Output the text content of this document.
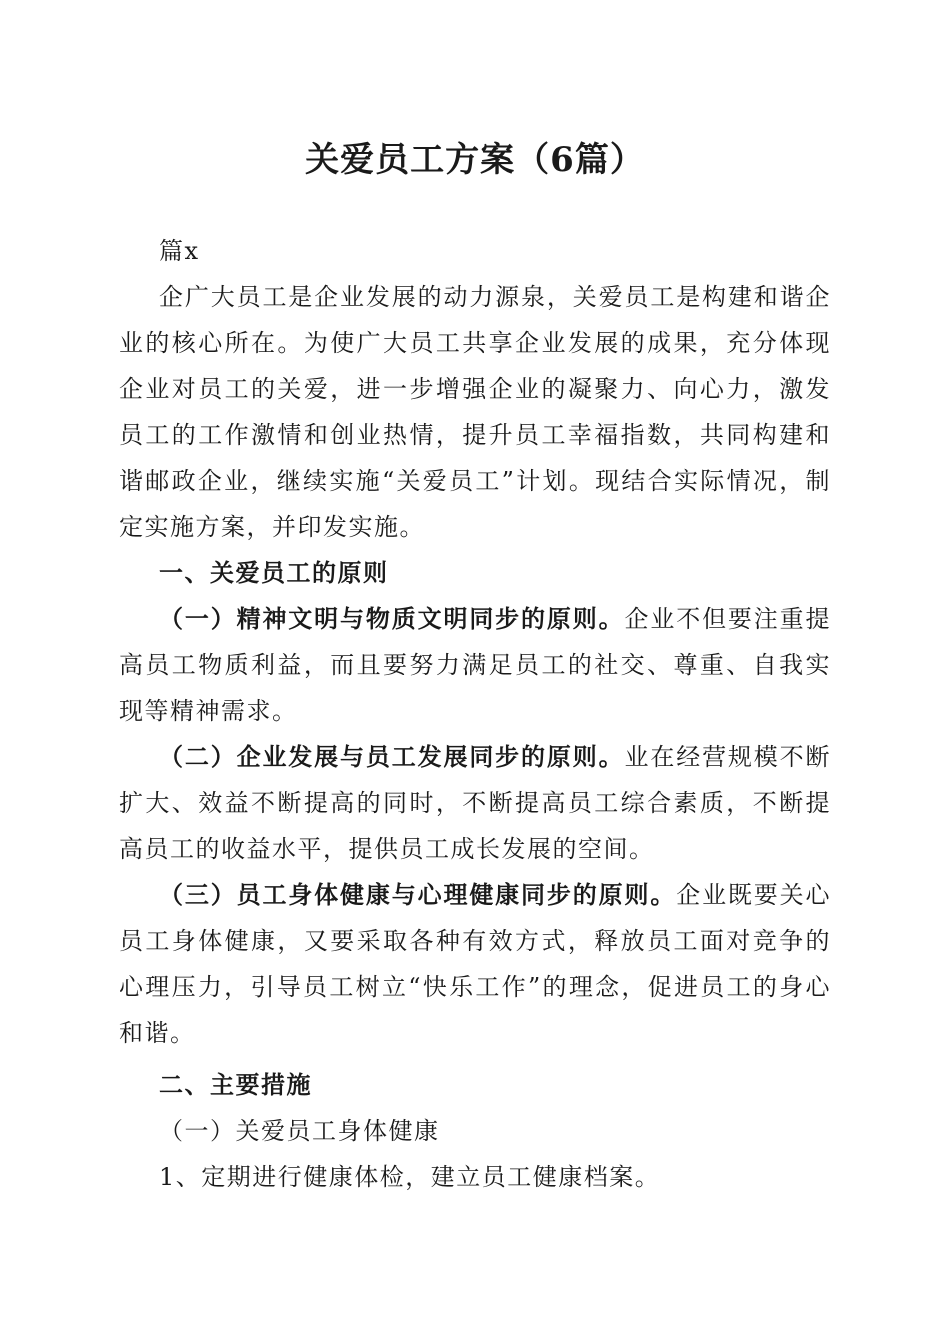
关爱员工方案（6篇）

篇x

企广大员工是企业发展的动力源泉，关爱员工是构建和谐企业的核心所在。为使广大员工共享企业发展的成果，充分体现企业对员工的关爱，进一步增强企业的凝聚力、向心力，激发员工的工作激情和创业热情，提升员工幸福指数，共同构建和谐邮政企业，继续实施“关爱员工”计划。现结合实际情况，制定实施方案，并印发实施。

一、关爱员工的原则

（一）精神文明与物质文明同步的原则。企业不但要注重提高员工物质利益，而且要努力满足员工的社交、尊重、自我实现等精神需求。

（二）企业发展与员工发展同步的原则。业在经营规模不断扩大、效益不断提高的同时，不断提高员工综合素质，不断提高员工的收益水平，提供员工成长发展的空间。

（三）员工身体健康与心理健康同步的原则。企业既要关心员工身体健康，又要采取各种有效方式，释放员工面对竞争的心理压力，引导员工树立“快乐工作”的理念，促进员工的身心和谐。

二、主要措施

（一）关爱员工身体健康

1、定期进行健康体检，建立员工健康档案。
